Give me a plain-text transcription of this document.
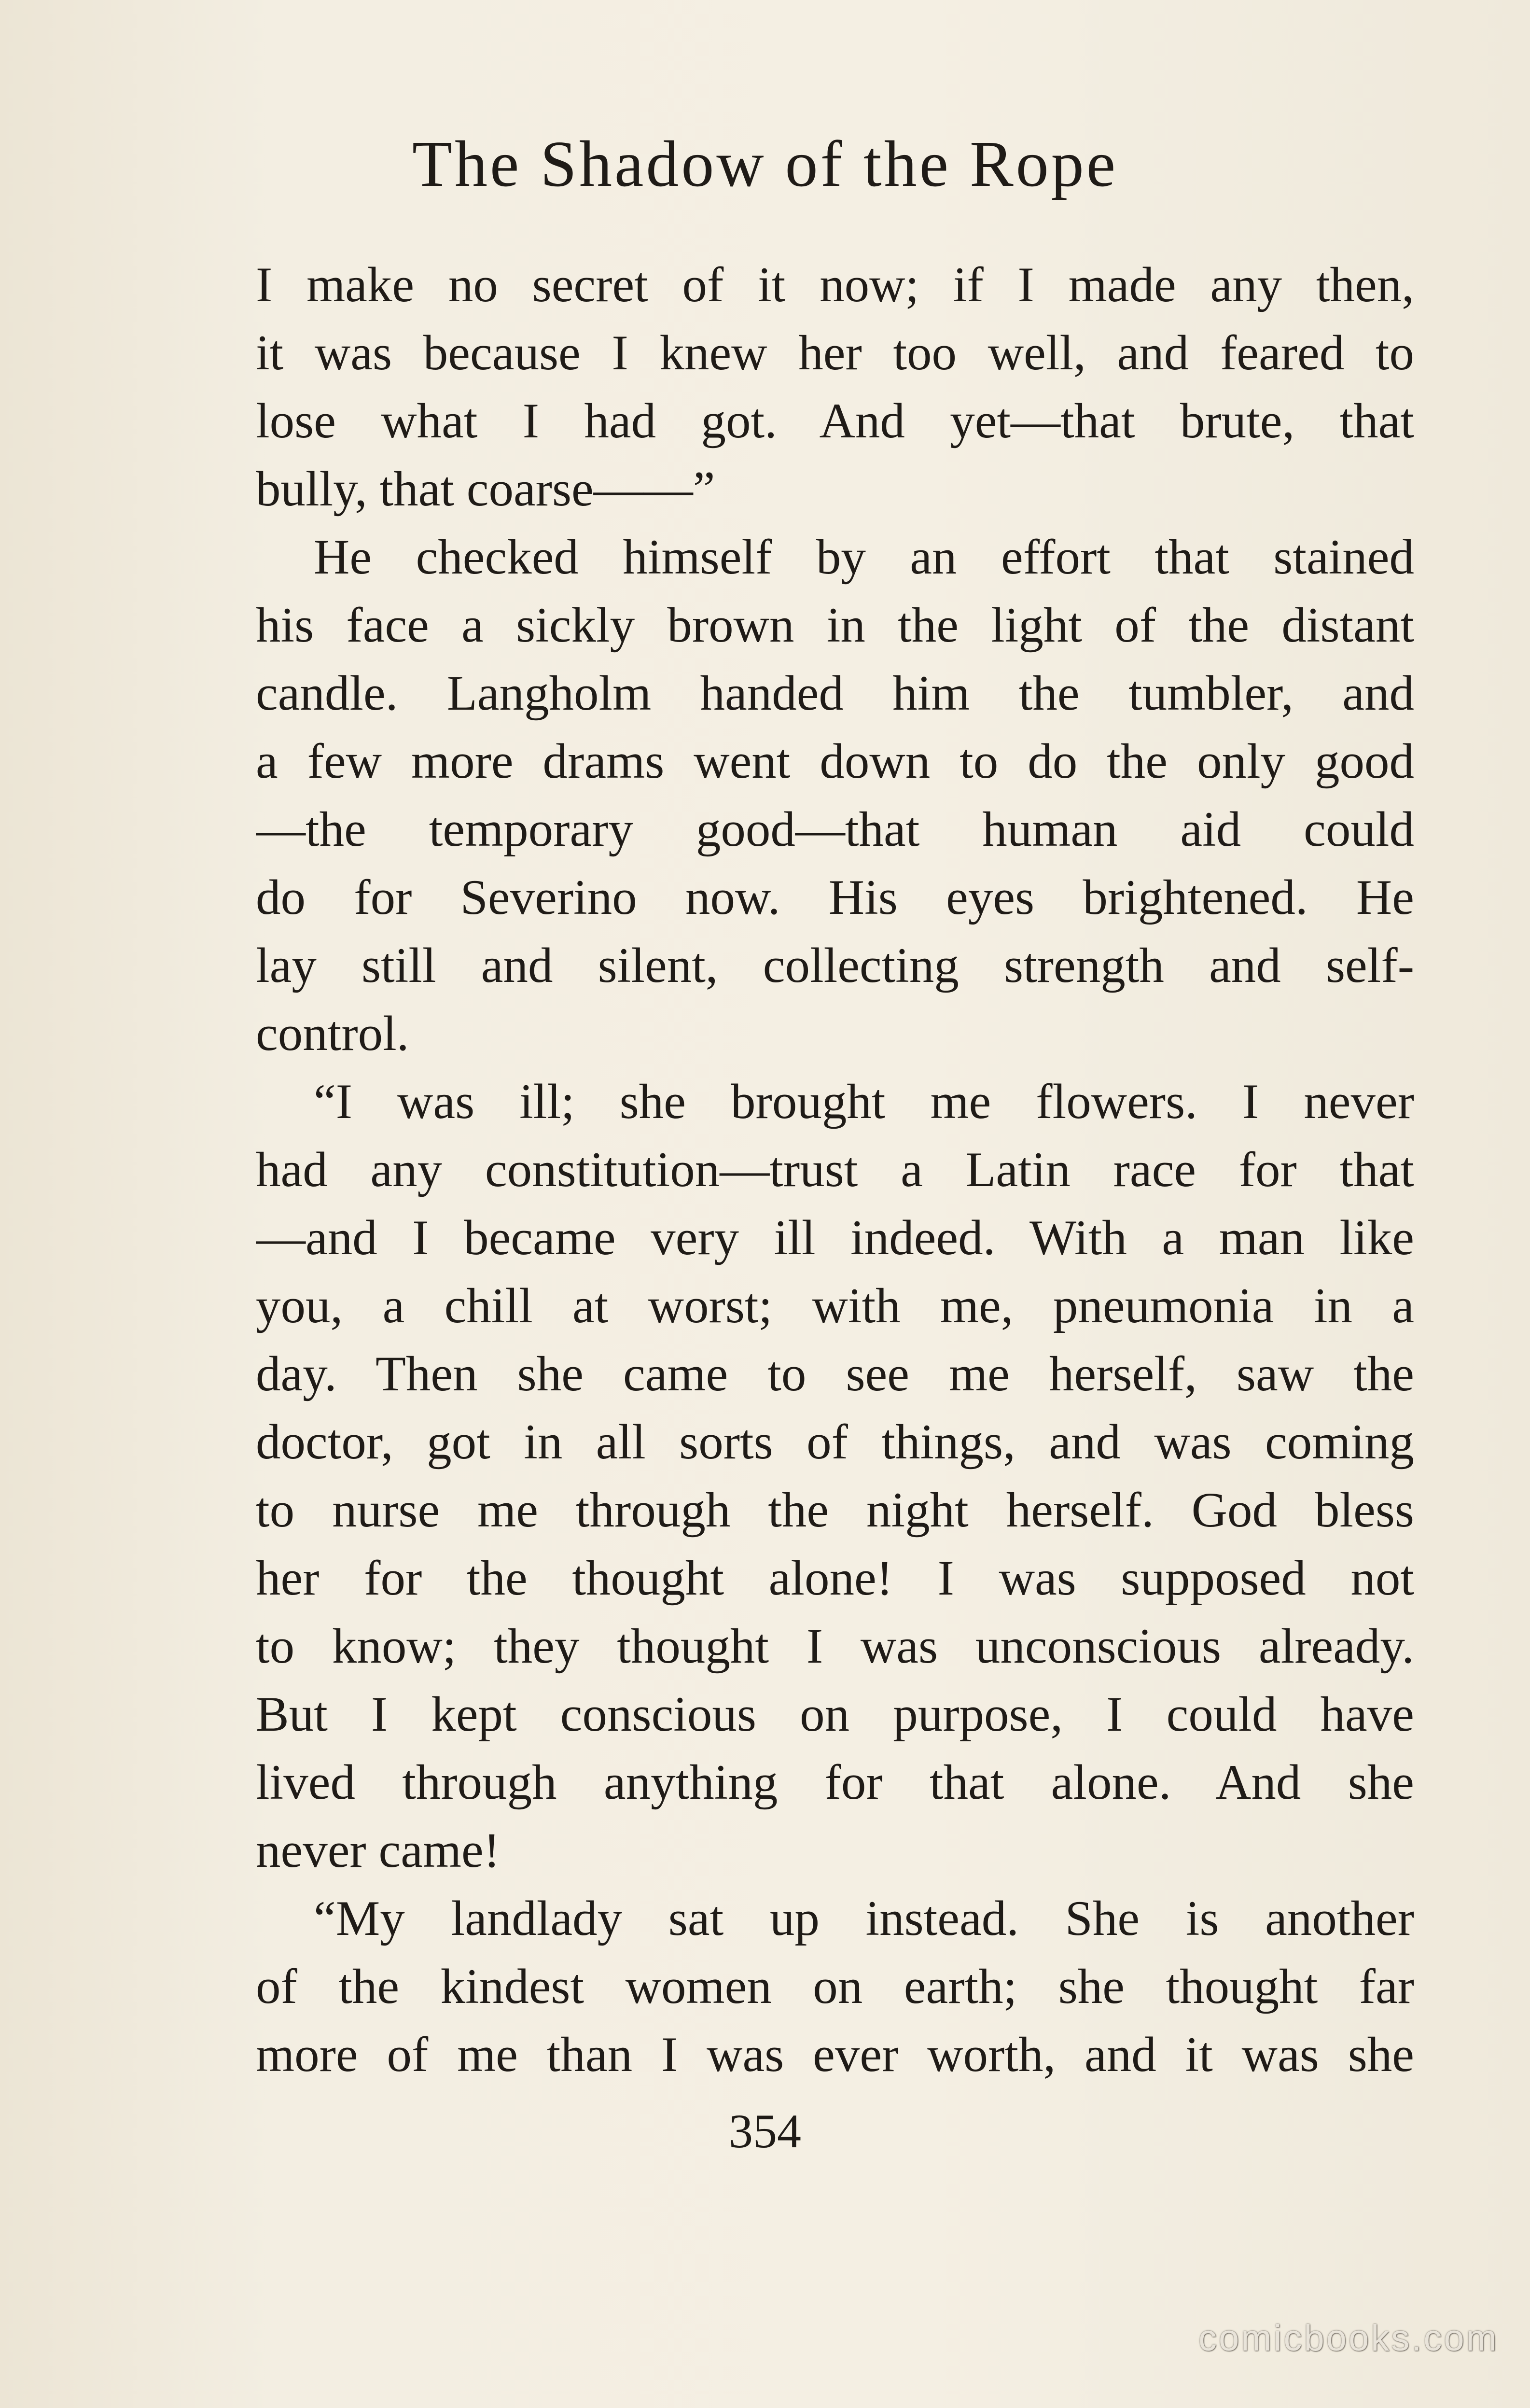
The Shadow of the Rope
I make no secret of it now; if I made any then,
it was because I knew her too well, and feared to
lose what I had got. And yet—that brute, that
bully, that coarse——”
He checked himself by an effort that stained
his face a sickly brown in the light of the distant
candle. Langholm handed him the tumbler, and
a few more drams went down to do the only good
—the temporary good—that human aid could
do for Severino now. His eyes brightened. He
lay still and silent, collecting strength and self-
control.
“I was ill; she brought me flowers. I never
had any constitution—trust a Latin race for that
—and I became very ill indeed. With a man like
you, a chill at worst; with me, pneumonia in a
day. Then she came to see me herself, saw the
doctor, got in all sorts of things, and was coming
to nurse me through the night herself. God bless
her for the thought alone! I was supposed not
to know; they thought I was unconscious already.
But I kept conscious on purpose, I could have
lived through anything for that alone. And she
never came!
“My landlady sat up instead. She is another
of the kindest women on earth; she thought far
more of me than I was ever worth, and it was she
354
comicbooks.com
